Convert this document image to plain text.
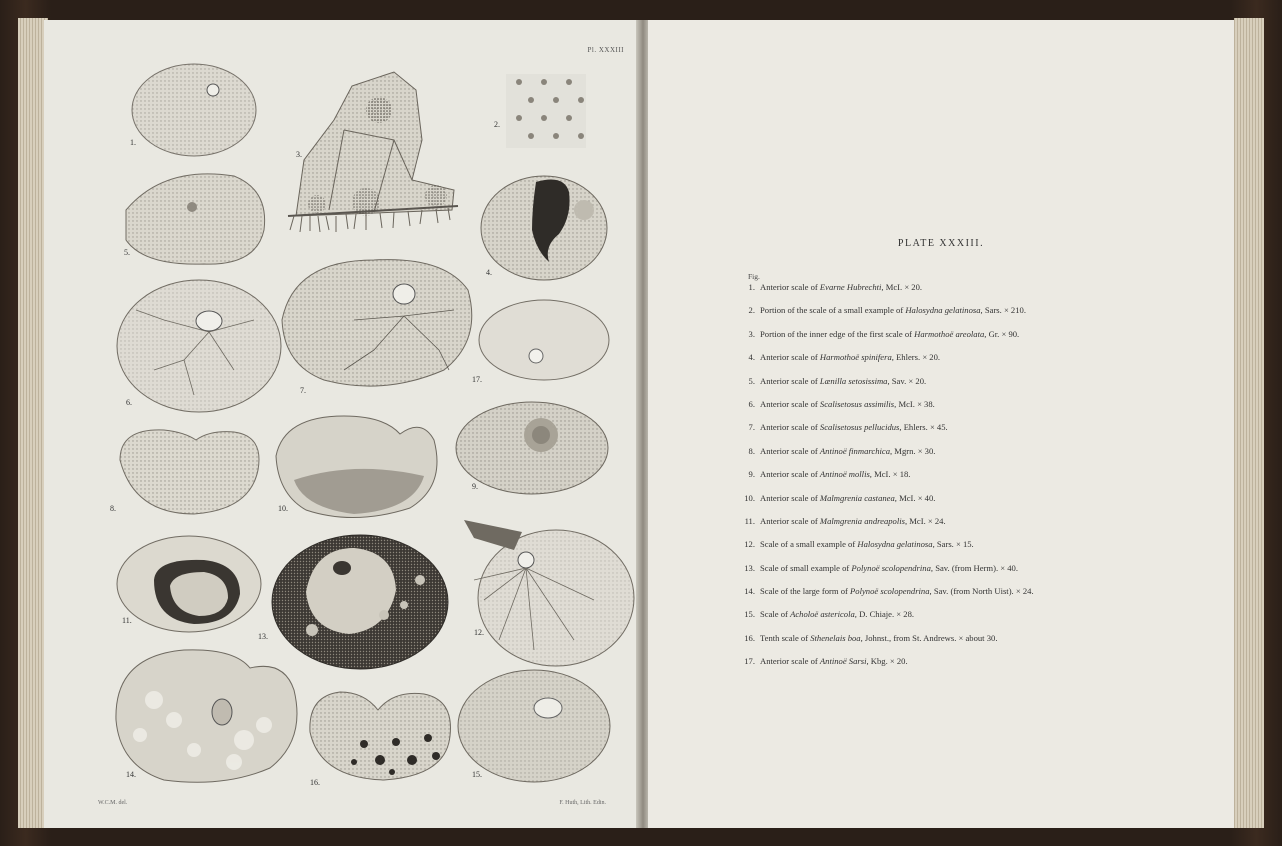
Pl. XXXIII
1.
2.
3.
4.
5.
6.
7.
8.
9.
10.
11.
12.
13.
14.	15.
16.
17.
W.C.M. del.	F. Huth, Lith. Edin.
PLATE XXXIII.
Fig.
1. Anterior scale of Evarne Hubrechti, McI. × 20.
2. Portion of the scale of a small example of Halosydna gelatinosa, Sars. × 210.
3. Portion of the inner edge of the first scale of Harmothoë areolata, Gr. × 90.
4. Anterior scale of Harmothoë spinifera, Ehlers. × 20.
5. Anterior scale of Lænilla setosissima, Sav. × 20.
6. Anterior scale of Scalisetosus assimilis, McI. × 38.
7. Anterior scale of Scalisetosus pellucidus, Ehlers. × 45.
8. Anterior scale of Antinoë finmarchica, Mgrn. × 30.
9. Anterior scale of Antinoë mollis, McI. × 18.
10. Anterior scale of Malmgrenia castanea, McI. × 40.
11. Anterior scale of Malmgrenia andreapolis, McI. × 24.
12. Scale of a small example of Halosydna gelatinosa, Sars. × 15.
13. Scale of small example of Polynoë scolopendrina, Sav. (from Herm). × 40.
14. Scale of the large form of Polynoë scolopendrina, Sav. (from North Uist). × 24.
15. Scale of Acholoë astericola, D. Chiaje. × 28.
16. Tenth scale of Sthenelais boa, Johnst., from St. Andrews. × about 30.
17. Anterior scale of Antinoë Sarsi, Kbg. × 20.
